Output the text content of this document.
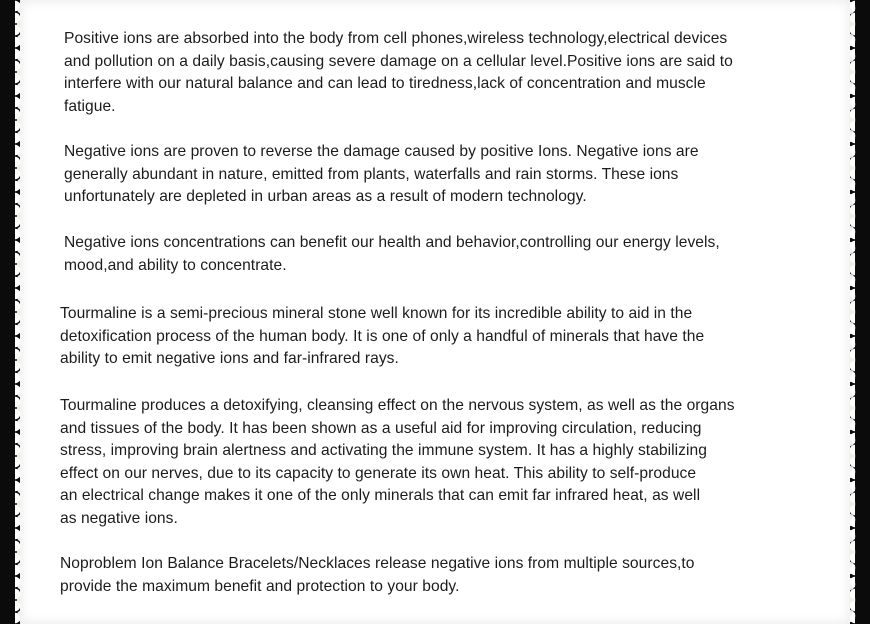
Positive ions are absorbed into the body from cell phones,wireless technology,electrical devices
and pollution on a daily basis,causing severe damage on a cellular level.Positive ions are said to
interfere with our natural balance and can lead to tiredness,lack of concentration and muscle
fatigue.

Negative ions are proven to reverse the damage caused by positive Ions. Negative ions are
generally abundant in nature, emitted from plants, waterfalls and rain storms. These ions
unfortunately are depleted in urban areas as a result of modern technology.

Negative ions concentrations can benefit our health and behavior,controlling our energy levels,
mood,and ability to concentrate.

Tourmaline is a semi-precious mineral stone well known for its incredible ability to aid in the
detoxification process of the human body. It is one of only a handful of minerals that have the
ability to emit negative ions and far-infrared rays.

Tourmaline produces a detoxifying, cleansing effect on the nervous system, as well as the organs
and tissues of the body. It has been shown as a useful aid for improving circulation, reducing
stress, improving brain alertness and activating the immune system. It has a highly stabilizing
effect on our nerves, due to its capacity to generate its own heat. This ability to self-produce
an electrical change makes it one of the only minerals that can emit far infrared heat, as well
as negative ions.

Noproblem Ion Balance Bracelets/Necklaces release negative ions from multiple sources,to
provide the maximum benefit and protection to your body.
